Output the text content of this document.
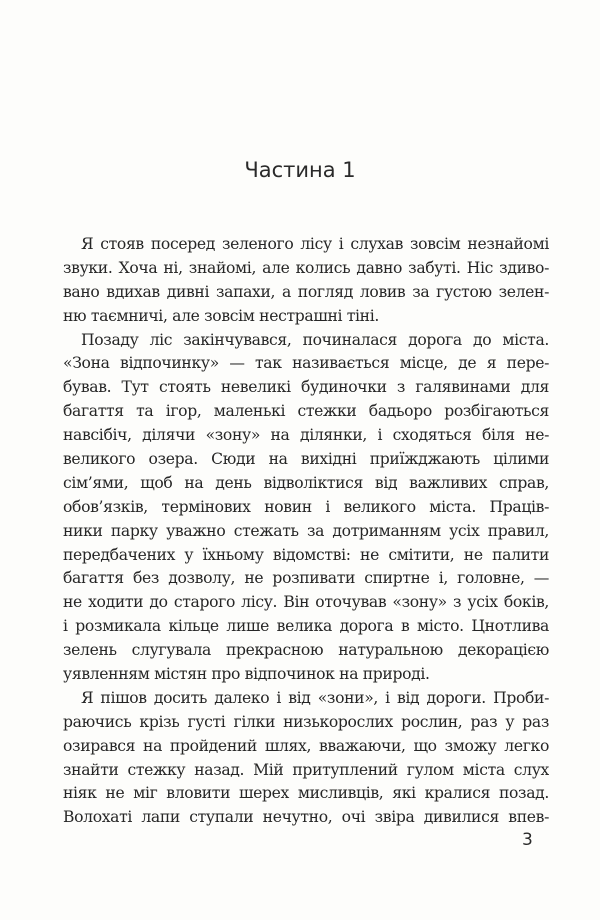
Частина 1
Я стояв посеред зеленого лісу і слухав зовсім незнайомі
звуки. Хоча ні, знайомі, але колись давно забуті. Ніс здиво-
вано вдихав дивні запахи, а погляд ловив за густою зелен-
ню таємничі, але зовсім нестрашні тіні.
Позаду ліс закінчувався, починалася дорога до міста.
«Зона відпочинку» — так називається місце, де я пере-
бував. Тут стоять невеликі будиночки з галявинами для
багаття та ігор, маленькі стежки бадьоро розбігаються
навсібіч, ділячи «зону» на ділянки, і сходяться біля не-
великого озера. Сюди на вихідні приїжджають цілими
сім’ями, щоб на день відволіктися від важливих справ,
обов’язків, термінових новин і великого міста. Праців-
ники парку уважно стежать за дотриманням усіх правил,
передбачених у їхньому відомстві: не смітити, не палити
багаття без дозволу, не розпивати спиртне і, головне, —
не ходити до старого лісу. Він оточував «зону» з усіх боків,
і розмикала кільце лише велика дорога в місто. Цнотлива
зелень слугувала прекрасною натуральною декорацією
уявленням містян про відпочинок на природі.
Я пішов досить далеко і від «зони», і від дороги. Проби-
раючись крізь густі гілки низькорослих рослин, раз у раз
озирався на пройдений шлях, вважаючи, що зможу легко
знайти стежку назад. Мій притуплений гулом міста слух
ніяк не міг вловити шерех мисливців, які кралися позад.
Волохаті лапи ступали нечутно, очі звіра дивилися впев-
3
